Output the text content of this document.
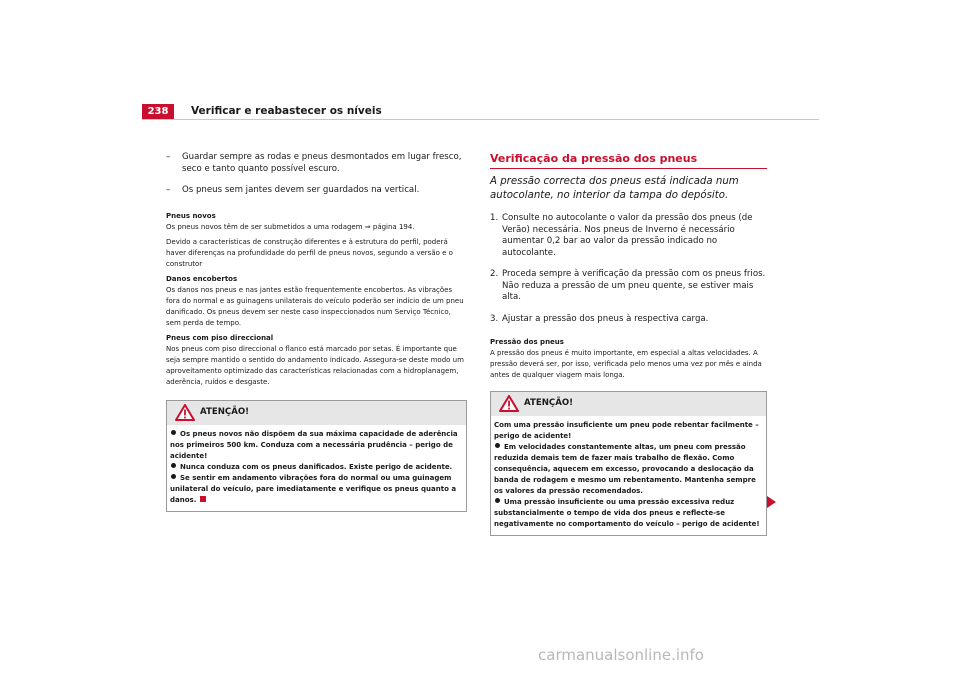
238	Verificar e reabastecer os níveis
– Guardar sempre as rodas e pneus desmontados em lugar fresco, seco e tanto quanto possível escuro.
– Os pneus sem jantes devem ser guardados na vertical.
Pneus novos

Os pneus novos têm de ser submetidos a uma rodagem ⇒ página 194.

Devido a características de construção diferentes e à estrutura do perfil, poderá haver diferenças na profundidade do perfil de pneus novos, segundo a versão e o construtor

Danos encobertos

Os danos nos pneus e nas jantes estão frequentemente encobertos. As vibrações fora do normal e as guinagens unilaterais do veículo poderão ser indício de um pneu danificado. Os pneus devem ser neste caso inspeccionados num Serviço Técnico, sem perda de tempo.

Pneus com piso direccional

Nos pneus com piso direccional o flanco está marcado por setas. É importante que seja sempre mantido o sentido do andamento indicado. Assegura-se deste modo um aproveitamento optimizado das características relacionadas com a hidroplanagem, aderência, ruídos e desgaste.

ATENÇÃO!

Os pneus novos não dispõem da sua máxima capacidade de aderência nos primeiros 500 km. Conduza com a necessária prudência – perigo de acidente!

Nunca conduza com os pneus danificados. Existe perigo de acidente.

Se sentir em andamento vibrações fora do normal ou uma guinagem unilateral do veículo, pare imediatamente e verifique os pneus quanto a danos.

Verificação da pressão dos pneus

A pressão correcta dos pneus está indicada num autocolante, no interior da tampa do depósito.

1. Consulte no autocolante o valor da pressão dos pneus (de Verão) necessária. Nos pneus de Inverno é necessário aumentar 0,2 bar ao valor da pressão indicado no autocolante.
2. Proceda sempre à verificação da pressão com os pneus frios. Não reduza a pressão de um pneu quente, se estiver mais alta.
3. Ajustar a pressão dos pneus à respectiva carga.
Pressão dos pneus

A pressão dos pneus é muito importante, em especial a altas velocidades. A pressão deverá ser, por isso, verificada pelo menos uma vez por mês e ainda antes de qualquer viagem mais longa.

ATENÇÃO!

Com uma pressão insuficiente um pneu pode rebentar facilmente – perigo de acidente!

Em velocidades constantemente altas, um pneu com pressão reduzida demais tem de fazer mais trabalho de flexão. Como consequência, aquecem em excesso, provocando a deslocação da banda de rodagem e mesmo um rebentamento. Mantenha sempre os valores da pressão recomendados.

Uma pressão insuficiente ou uma pressão excessiva reduz substancialmente o tempo de vida dos pneus e reflecte-se negativamente no comportamento do veículo – perigo de acidente!

carmanualsonline.info
